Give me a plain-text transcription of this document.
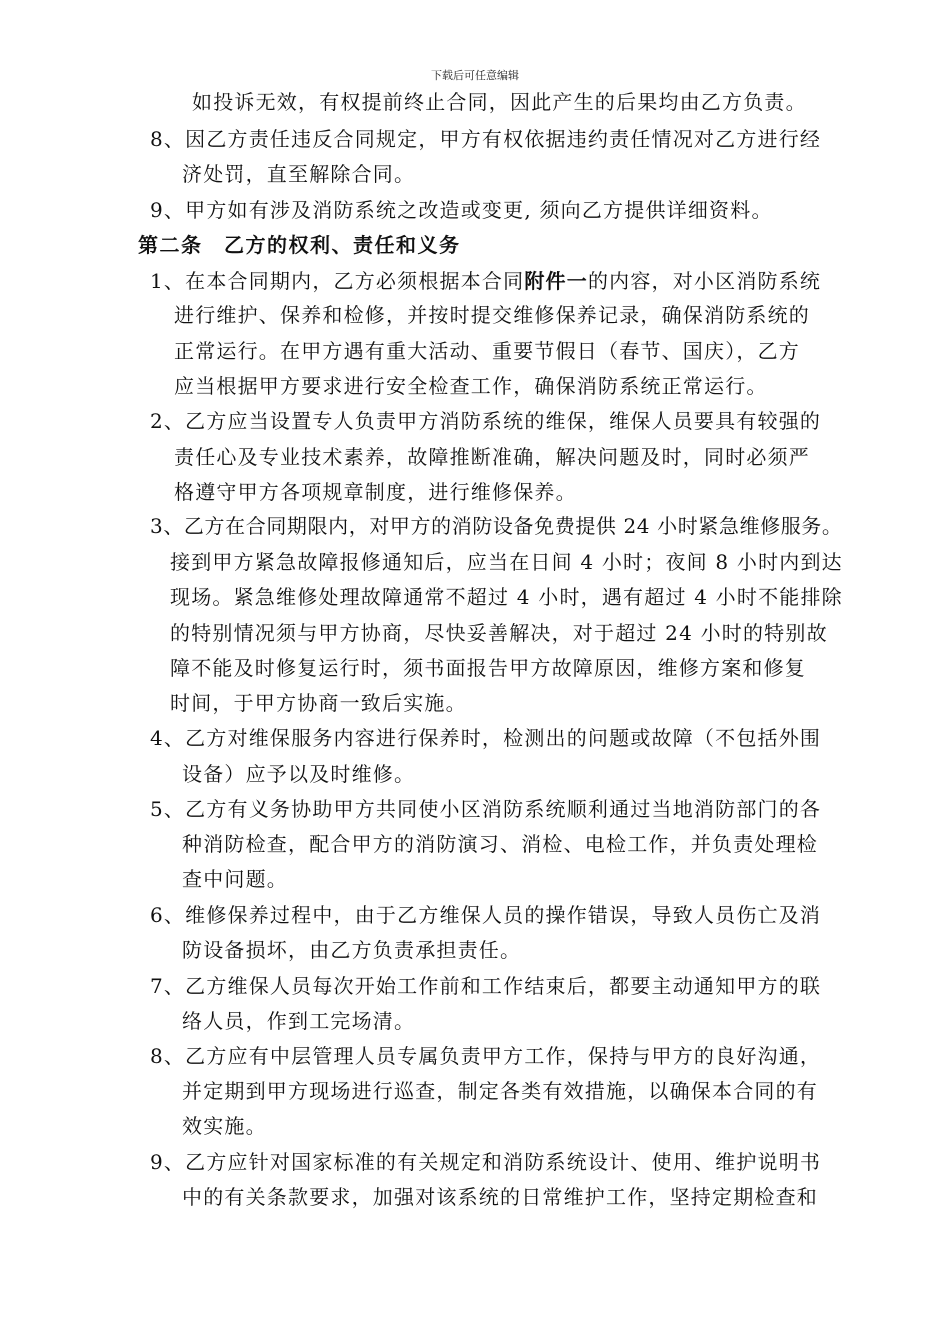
下载后可任意编辑
如投诉无效，有权提前终止合同，因此产生的后果均由乙方负责。
8、因乙方责任违反合同规定，甲方有权依据违约责任情况对乙方进行经
济处罚，直至解除合同。
9、甲方如有涉及消防系统之改造或变更, 须向乙方提供详细资料。
第二条　乙方的权利、责任和义务
1、在本合同期内，乙方必须根据本合同附件一的内容，对小区消防系统
进行维护、保养和检修，并按时提交维修保养记录，确保消防系统的
正常运行。在甲方遇有重大活动、重要节假日（春节、国庆），乙方
应当根据甲方要求进行安全检查工作，确保消防系统正常运行。
2、乙方应当设置专人负责甲方消防系统的维保，维保人员要具有较强的
责任心及专业技术素养，故障推断准确，解决问题及时，同时必须严
格遵守甲方各项规章制度，进行维修保养。
3、乙方在合同期限内，对甲方的消防设备免费提供 24 小时紧急维修服务。
接到甲方紧急故障报修通知后，应当在日间 4 小时；夜间 8 小时内到达
现场。紧急维修处理故障通常不超过 4 小时，遇有超过 4 小时不能排除
的特别情况须与甲方协商，尽快妥善解决，对于超过 24 小时的特别故
障不能及时修复运行时，须书面报告甲方故障原因，维修方案和修复
时间，于甲方协商一致后实施。
4、乙方对维保服务内容进行保养时，检测出的问题或故障（不包括外围
设备）应予以及时维修。
5、乙方有义务协助甲方共同使小区消防系统顺利通过当地消防部门的各
种消防检查，配合甲方的消防演习、消检、电检工作，并负责处理检
查中问题。
6、维修保养过程中，由于乙方维保人员的操作错误，导致人员伤亡及消
防设备损坏，由乙方负责承担责任。
7、乙方维保人员每次开始工作前和工作结束后，都要主动通知甲方的联
络人员，作到工完场清。
8、乙方应有中层管理人员专属负责甲方工作，保持与甲方的良好沟通，
并定期到甲方现场进行巡查，制定各类有效措施，以确保本合同的有
效实施。
9、乙方应针对国家标准的有关规定和消防系统设计、使用、维护说明书
中的有关条款要求，加强对该系统的日常维护工作，坚持定期检查和
